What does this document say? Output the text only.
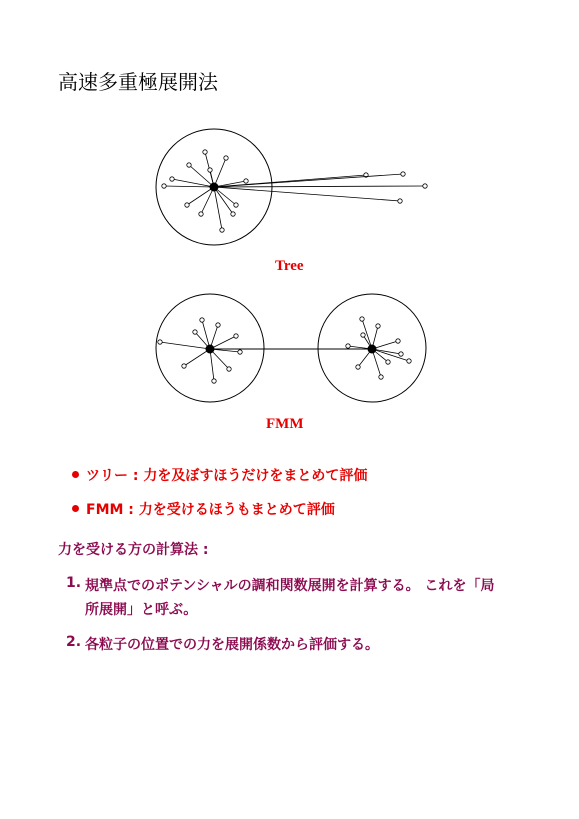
高速多重極展開法
Tree
FMM
ツリー : 力を及ぼすほうだけをまとめて評価
FMM : 力を受けるほうもまとめて評価
力を受ける方の計算法 :
1. 規準点でのポテンシャルの調和関数展開を計算する。 これを「局
所展開」と呼ぶ。
2. 各粒子の位置での力を展開係数から評価する。
